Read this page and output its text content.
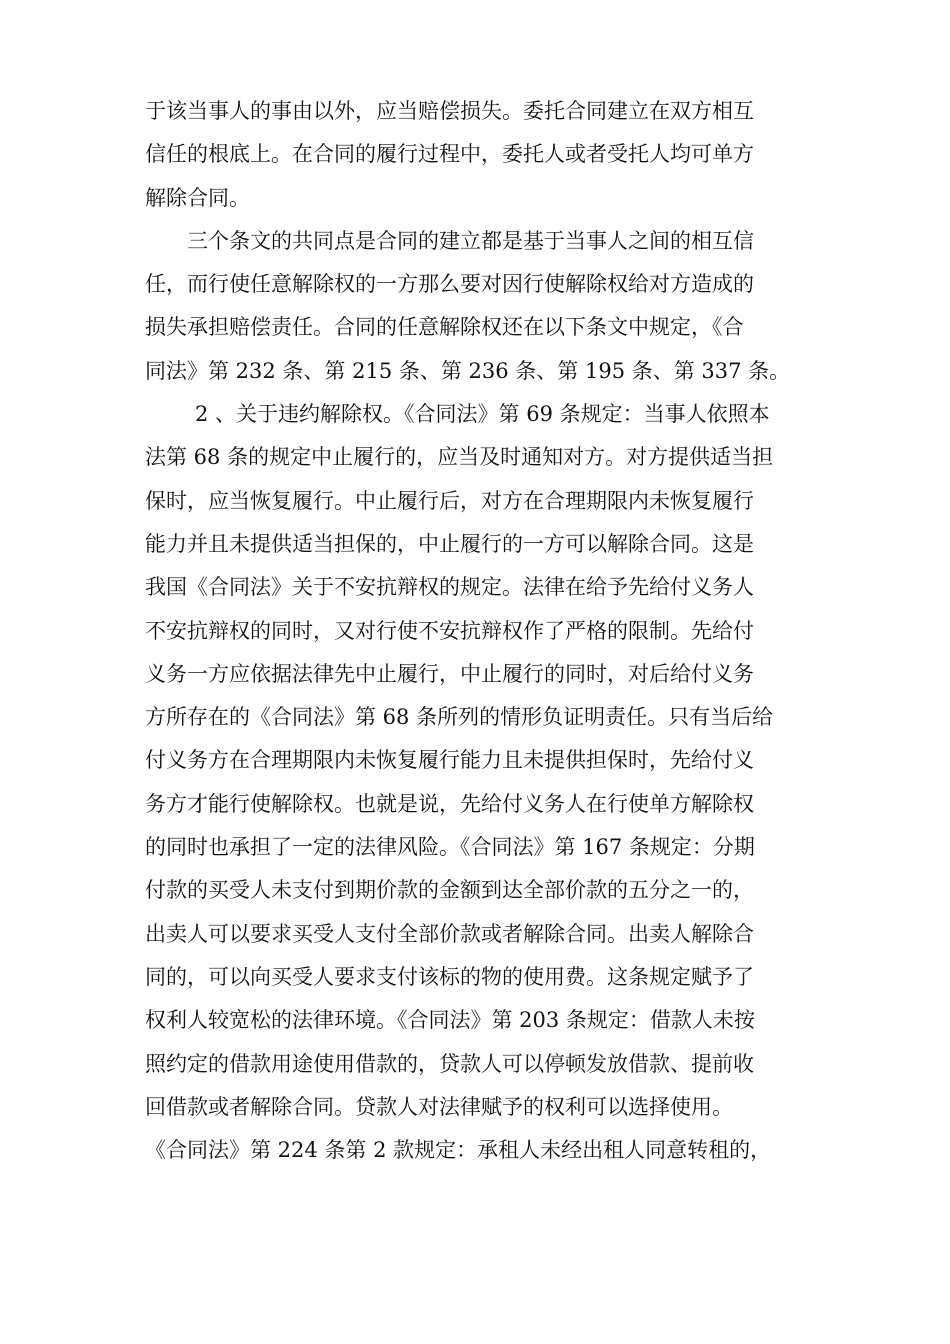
于该当事人的事由以外，应当赔偿损失。委托合同建立在双方相互
信任的根底上。在合同的履行过程中，委托人或者受托人均可单方
解除合同。
三个条文的共同点是合同的建立都是基于当事人之间的相互信
任，而行使任意解除权的一方那么要对因行使解除权给对方造成的
损失承担赔偿责任。合同的任意解除权还在以下条文中规定，《合
同法》第 232 条、第 215 条、第 236 条、第 195 条、第 337 条。
2 、关于违约解除权。《合同法》第 69 条规定：当事人依照本
法第 68 条的规定中止履行的，应当及时通知对方。对方提供适当担
保时，应当恢复履行。中止履行后，对方在合理期限内未恢复履行
能力并且未提供适当担保的，中止履行的一方可以解除合同。这是
我国《合同法》关于不安抗辩权的规定。法律在给予先给付义务人
不安抗辩权的同时，又对行使不安抗辩权作了严格的限制。先给付
义务一方应依据法律先中止履行，中止履行的同时，对后给付义务
方所存在的《合同法》第 68 条所列的情形负证明责任。只有当后给
付义务方在合理期限内未恢复履行能力且未提供担保时，先给付义
务方才能行使解除权。也就是说，先给付义务人在行使单方解除权
的同时也承担了一定的法律风险。《合同法》第 167 条规定：分期
付款的买受人未支付到期价款的金额到达全部价款的五分之一的，
出卖人可以要求买受人支付全部价款或者解除合同。出卖人解除合
同的，可以向买受人要求支付该标的物的使用费。这条规定赋予了
权利人较宽松的法律环境。《合同法》第 203 条规定：借款人未按
照约定的借款用途使用借款的，贷款人可以停顿发放借款、提前收
回借款或者解除合同。贷款人对法律赋予的权利可以选择使用。
《合同法》第 224 条第 2 款规定：承租人未经出租人同意转租的，
